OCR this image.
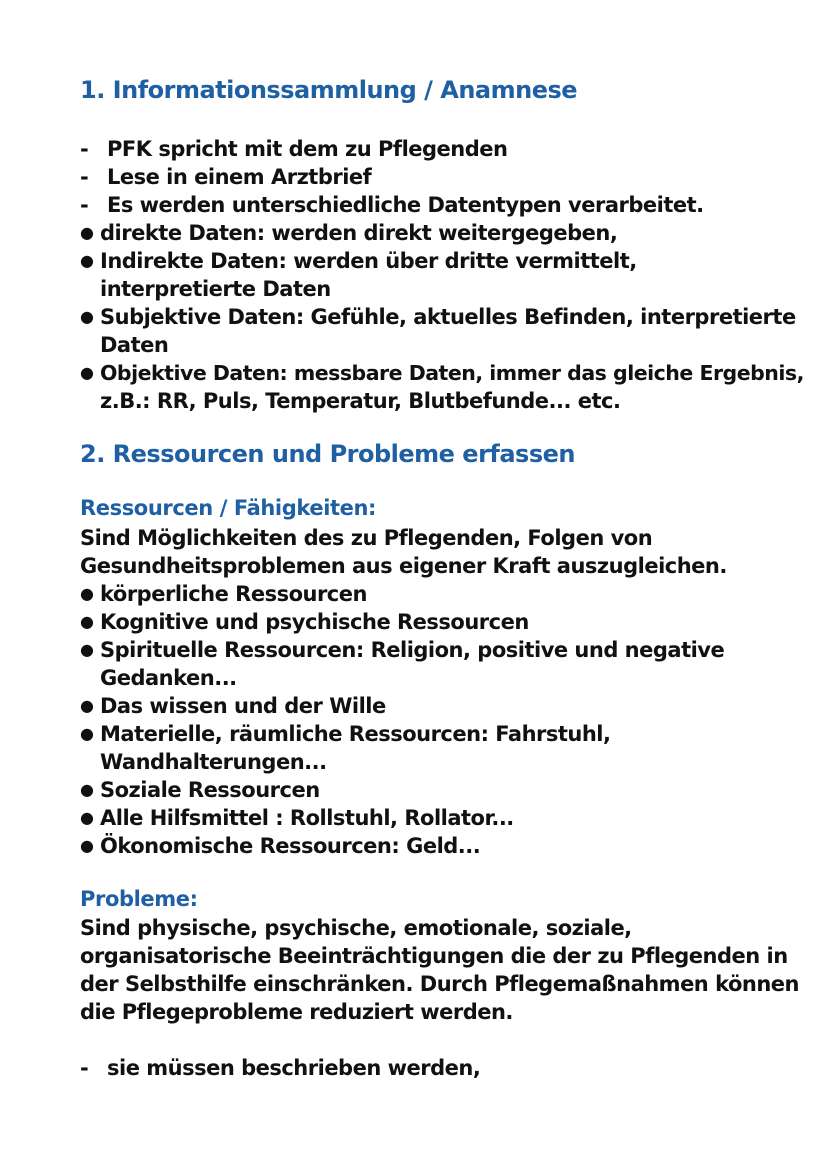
1. Informationssammlung / Anamnese
- PFK spricht mit dem zu Pflegenden
- Lese in einem Arztbrief
- Es werden unterschiedliche Datentypen verarbeitet.
● direkte Daten: werden direkt weitergegeben,
● Indirekte Daten: werden über dritte vermittelt,
interpretierte Daten
● Subjektive Daten: Gefühle, aktuelles Befinden, interpretierte
Daten
● Objektive Daten: messbare Daten, immer das gleiche Ergebnis,
z.B.: RR, Puls, Temperatur, Blutbefunde... etc.
2. Ressourcen und Probleme erfassen
Ressourcen / Fähigkeiten:
Sind Möglichkeiten des zu Pflegenden, Folgen von
Gesundheitsproblemen aus eigener Kraft auszugleichen.
● körperliche Ressourcen
● Kognitive und psychische Ressourcen
● Spirituelle Ressourcen: Religion, positive und negative
Gedanken...
● Das wissen und der Wille
● Materielle, räumliche Ressourcen: Fahrstuhl,
Wandhalterungen...
● Soziale Ressourcen
● Alle Hilfsmittel : Rollstuhl, Rollator...
● Ökonomische Ressourcen: Geld...
Probleme:
Sind physische, psychische, emotionale, soziale,
organisatorische Beeinträchtigungen die der zu Pflegenden in
der Selbsthilfe einschränken. Durch Pflegemaßnahmen können
die Pflegeprobleme reduziert werden.
- sie müssen beschrieben werden,
